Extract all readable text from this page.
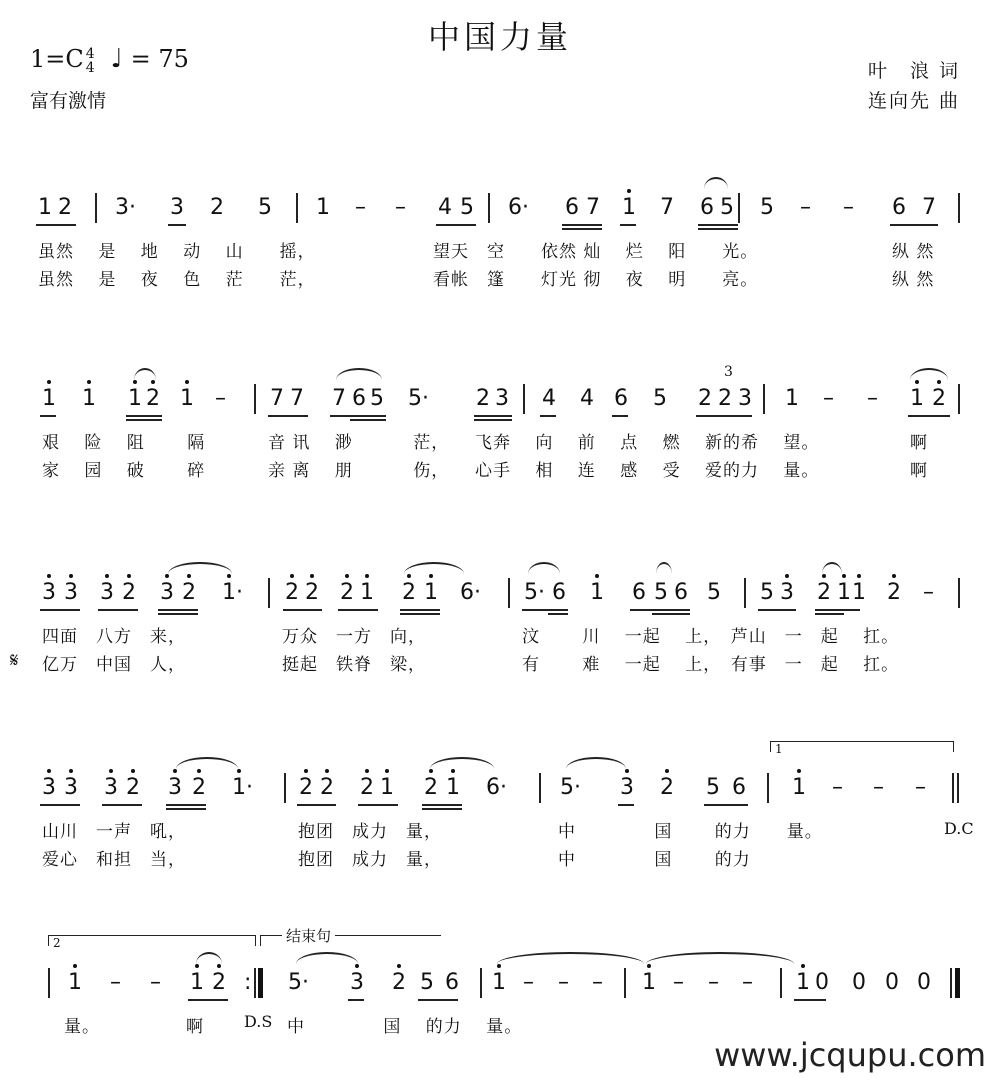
中国力量
1=C 4
4 ♩ = 75
富有激情
叶　浪 词
连向先 曲
1 2 3· 3 2 5 1 – – 4 5 6· 6 7 1 7 6 5 5 – – 6 7
虽然　 是　 地　 动　 山　　摇，	望天　空　　依然 灿　 烂　 阳　　光。	纵 然
虽然　 是　 夜　 色　 茫　　茫，	看帐　篷　　灯光 彻　 夜　 明　　亮。	纵 然
1 1 1 2 1 – 7 7 7 6 5 5· 2 3 4 4 6 5 2 2 3 1 – – 1 2
3
艰　 险　 阻　　 隔	音 讯　 渺　　　 茫， 飞奔　 向　 前　 点　 燃　 新的希　 望。	啊
家　 园　 破　　 碎	亲 离　 朋　　　 伤， 心手　 相　 连　 感　 受　 爱的力　 量。	啊
3 3 3 2 3 2 1· 2 2 2 1 2 1 6· 5· 6 1 6 5 6 5 5 3 2 1 1 2 –
四面　八方　来，	万众　一方　向，	汶　　 川　 一起　 上，　芦山　一　起　 扛。
亿万　中国　人，	挺起　铁脊　梁，	有　　 难　 一起　 上，　有事　一　起　 扛。
𝄋
3 3 3 2 3 2 1· 2 2 2 1 2 1 6· 5· 3 2 5 6 1 – – –
山川　一声　吼，	抱团　成力　量，	中　　　　 国　　 的力　　量。
爱心　和担　当，	抱团　成力　量，	中　　　　 国　　 的力
D.C
1
1 – – 1 2 : 5· 3 2 5 6 1 – – – 1 – – – 1 0 0 0 0
量。	啊	中　　　　 国　 的力　 量。
D.S
2	结束句
www.jcqupu.com
